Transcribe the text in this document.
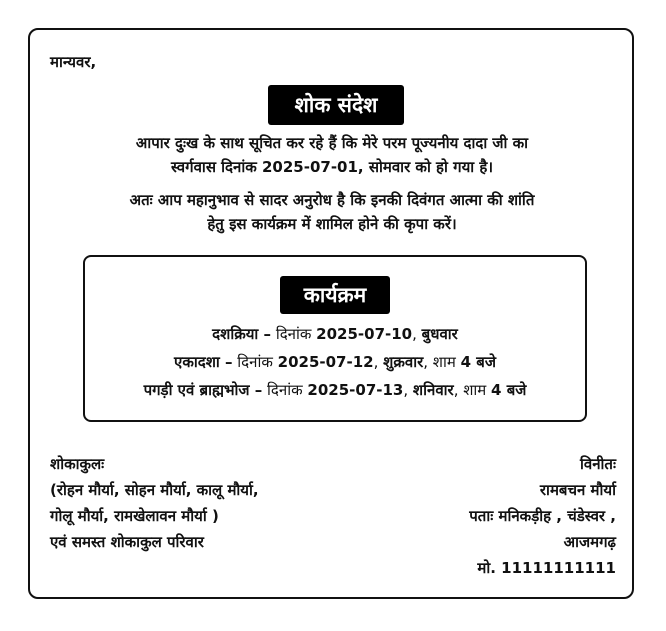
मान्यवर,
शोक संदेश
आपार दुःख के साथ सूचित कर रहे हैं कि मेरे परम पूज्यनीय दादा जी का
स्वर्गवास दिनांक 2025-07-01, सोमवार को हो गया है।
अतः आप महानुभाव से सादर अनुरोध है कि इनकी दिवंगत आत्मा की शांति
हेतु इस कार्यक्रम में शामिल होने की कृपा करें।
कार्यक्रम
दशक्रिया – दिनांक 2025-07-10, बुधवार
एकादशा – दिनांक 2025-07-12, शुक्रवार, शाम 4 बजे
पगड़ी एवं ब्राह्मभोज – दिनांक 2025-07-13, शनिवार, शाम 4 बजे
शोकाकुलः
(रोहन मौर्या, सोहन मौर्या, कालू मौर्या,
गोलू मौर्या, रामखेलावन मौर्या )
एवं समस्त शोकाकुल परिवार
विनीतः
रामबचन मौर्या
पताः मनिकड़ीह , चंडेस्वर ,
आजमगढ़
मो. 11111111111
